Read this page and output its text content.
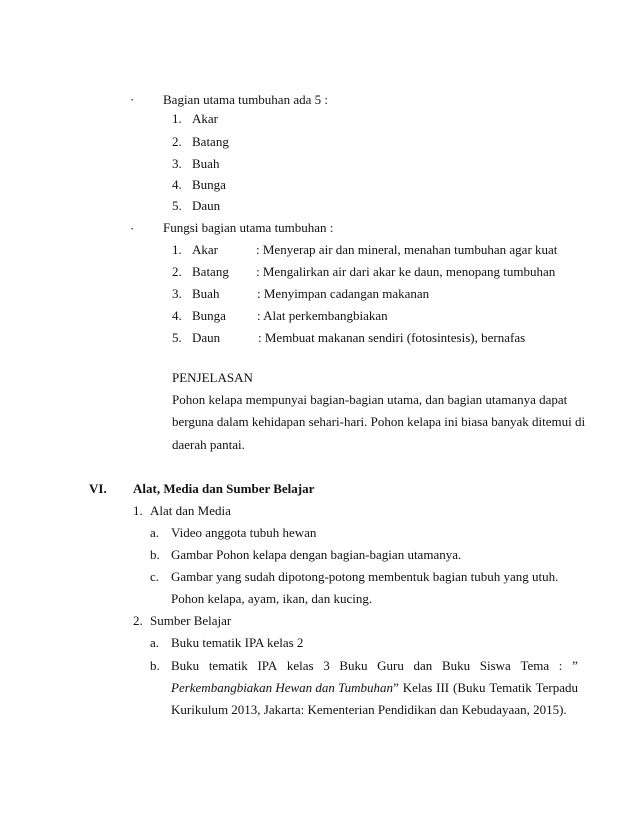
· Bagian utama tumbuhan ada 5 :
1. Akar
2. Batang
3. Buah
4. Bunga
5. Daun
· Fungsi bagian utama tumbuhan :
1. Akar	: Menyerap air dan mineral, menahan tumbuhan agar kuat
2. Batang : Mengalirkan air dari akar ke daun, menopang tumbuhan
3. Buah	: Menyimpan cadangan makanan
4. Bunga : Alat perkembangbiakan
5. Daun	: Membuat makanan sendiri (fotosintesis), bernafas
PENJELASAN
Pohon kelapa mempunyai bagian-bagian utama, dan bagian utamanya dapat
berguna dalam kehidapan sehari-hari. Pohon kelapa ini biasa banyak ditemui di
daerah pantai.
VI. Alat, Media dan Sumber Belajar
1. Alat dan Media
a. Video anggota tubuh hewan
b. Gambar Pohon kelapa dengan bagian-bagian utamanya.
c. Gambar yang sudah dipotong-potong membentuk bagian tubuh yang utuh.
Pohon kelapa, ayam, ikan, dan kucing.
2. Sumber Belajar
a. Buku tematik IPA kelas 2
b. Buku tematik IPA kelas 3 Buku Guru dan Buku Siswa Tema : ”
Perkembangbiakan Hewan dan Tumbuhan” Kelas III (Buku Tematik Terpadu
Kurikulum 2013, Jakarta: Kementerian Pendidikan dan Kebudayaan, 2015).
